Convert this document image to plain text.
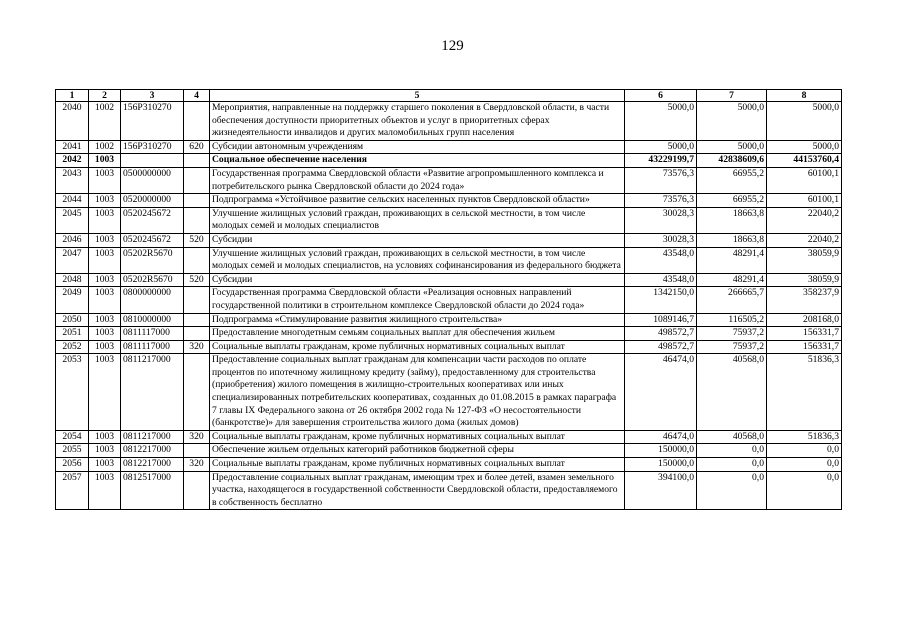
129
1	2	3	4	5	6	7	8
2040	1002	156P310270		Мероприятия, направленные на поддержку старшего поколения в Свердловской области, в части обеспечения доступности приоритетных объектов и услуг в приоритетных сферах жизнедеятельности инвалидов и других маломобильных групп населения	5000,0	5000,0	5000,0
2041	1002	156P310270	620	Субсидии автономным учреждениям	5000,0	5000,0	5000,0
2042	1003			Социальное обеспечение населения	43229199,7	42838609,6	44153760,4
2043	1003	0500000000		Государственная программа Свердловской области «Развитие агропромышленного комплекса и потребительского рынка Свердловской области до 2024 года»	73576,3	66955,2	60100,1
2044	1003	0520000000		Подпрограмма «Устойчивое развитие сельских населенных пунктов Свердловской области»	73576,3	66955,2	60100,1
2045	1003	0520245672		Улучшение жилищных условий граждан, проживающих в сельской местности, в том числе молодых семей и молодых специалистов	30028,3	18663,8	22040,2
2046	1003	0520245672	520	Субсидии	30028,3	18663,8	22040,2
2047	1003	05202R5670		Улучшение жилищных условий граждан, проживающих в сельской местности, в том числе молодых семей и молодых специалистов, на условиях софинансирования из федерального бюджета	43548,0	48291,4	38059,9
2048	1003	05202R5670	520	Субсидии	43548,0	48291,4	38059,9
2049	1003	0800000000		Государственная программа Свердловской области «Реализация основных направлений государственной политики в строительном комплексе Свердловской области до 2024 года»	1342150,0	266665,7	358237,9
2050	1003	0810000000		Подпрограмма «Стимулирование развития жилищного строительства»	1089146,7	116505,2	208168,0
2051	1003	0811117000		Предоставление многодетным семьям социальных выплат для обеспечения жильем	498572,7	75937,2	156331,7
2052	1003	0811117000	320	Социальные выплаты гражданам, кроме публичных нормативных социальных выплат	498572,7	75937,2	156331,7
2053	1003	0811217000		Предоставление социальных выплат гражданам для компенсации части расходов по оплате процентов по ипотечному жилищному кредиту (займу), предоставленному для строительства (приобретения) жилого помещения в жилищно-строительных кооперативах или иных специализированных потребительских кооперативах, созданных до 01.08.2015 в рамках параграфа 7 главы IX Федерального закона от 26 октября 2002 года № 127-ФЗ «О несостоятельности (банкротстве)» для завершения строительства жилого дома (жилых домов)	46474,0	40568,0	51836,3
2054	1003	0811217000	320	Социальные выплаты гражданам, кроме публичных нормативных социальных выплат	46474,0	40568,0	51836,3
2055	1003	0812217000		Обеспечение жильем отдельных категорий работников бюджетной сферы	150000,0	0,0	0,0
2056	1003	0812217000	320	Социальные выплаты гражданам, кроме публичных нормативных социальных выплат	150000,0	0,0	0,0
2057	1003	0812517000		Предоставление социальных выплат гражданам, имеющим трех и более детей, взамен земельного участка, находящегося в государственной собственности Свердловской области, предоставляемого в собственность бесплатно	394100,0	0,0	0,0
